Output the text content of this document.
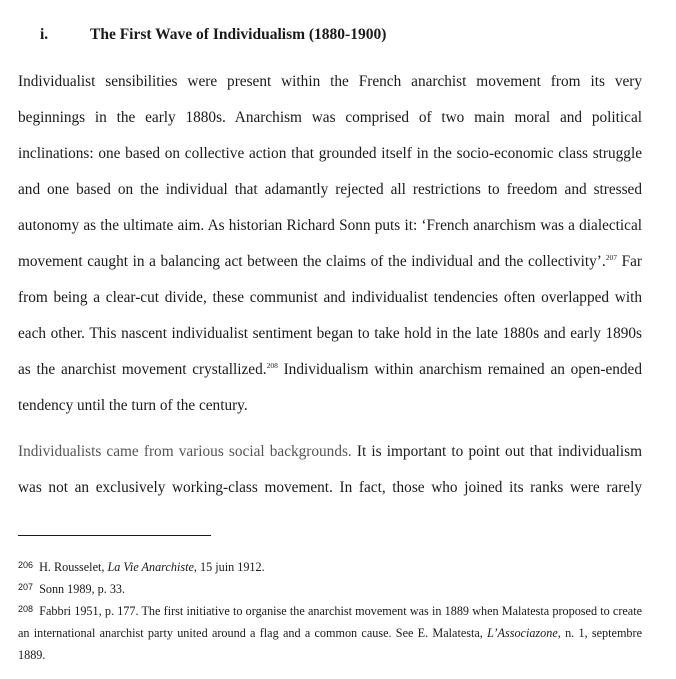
i.	The First Wave of Individualism (1880-1900)
Individualist sensibilities were present within the French anarchist movement from its very beginnings in the early 1880s. Anarchism was comprised of two main moral and political inclinations: one based on collective action that grounded itself in the socio-economic class struggle and one based on the individual that adamantly rejected all restrictions to freedom and stressed autonomy as the ultimate aim. As historian Richard Sonn puts it: ‘French anarchism was a dialectical movement caught in a balancing act between the claims of the individual and the collectivity’.$^{207}$ Far from being a clear-cut divide, these communist and individualist tendencies often overlapped with each other. This nascent individualist sentiment began to take hold in the late 1880s and early 1890s as the anarchist movement crystallized.$^{208}$ Individualism within anarchism remained an open-ended tendency until the turn of the century.
Individualists came from various social backgrounds. It is important to point out that individualism was not an exclusively working-class movement. In fact, those who joined its ranks were rarely
$^{206}$ H. Rousselet, La Vie Anarchiste, 15 juin 1912.
$^{207}$ Sonn 1989, p. 33.
$^{208}$ Fabbri 1951, p. 177. The first initiative to organise the anarchist movement was in 1889 when Malatesta proposed to create an international anarchist party united around a flag and a common cause. See E. Malatesta, L’Associazone, n. 1, septembre 1889.
